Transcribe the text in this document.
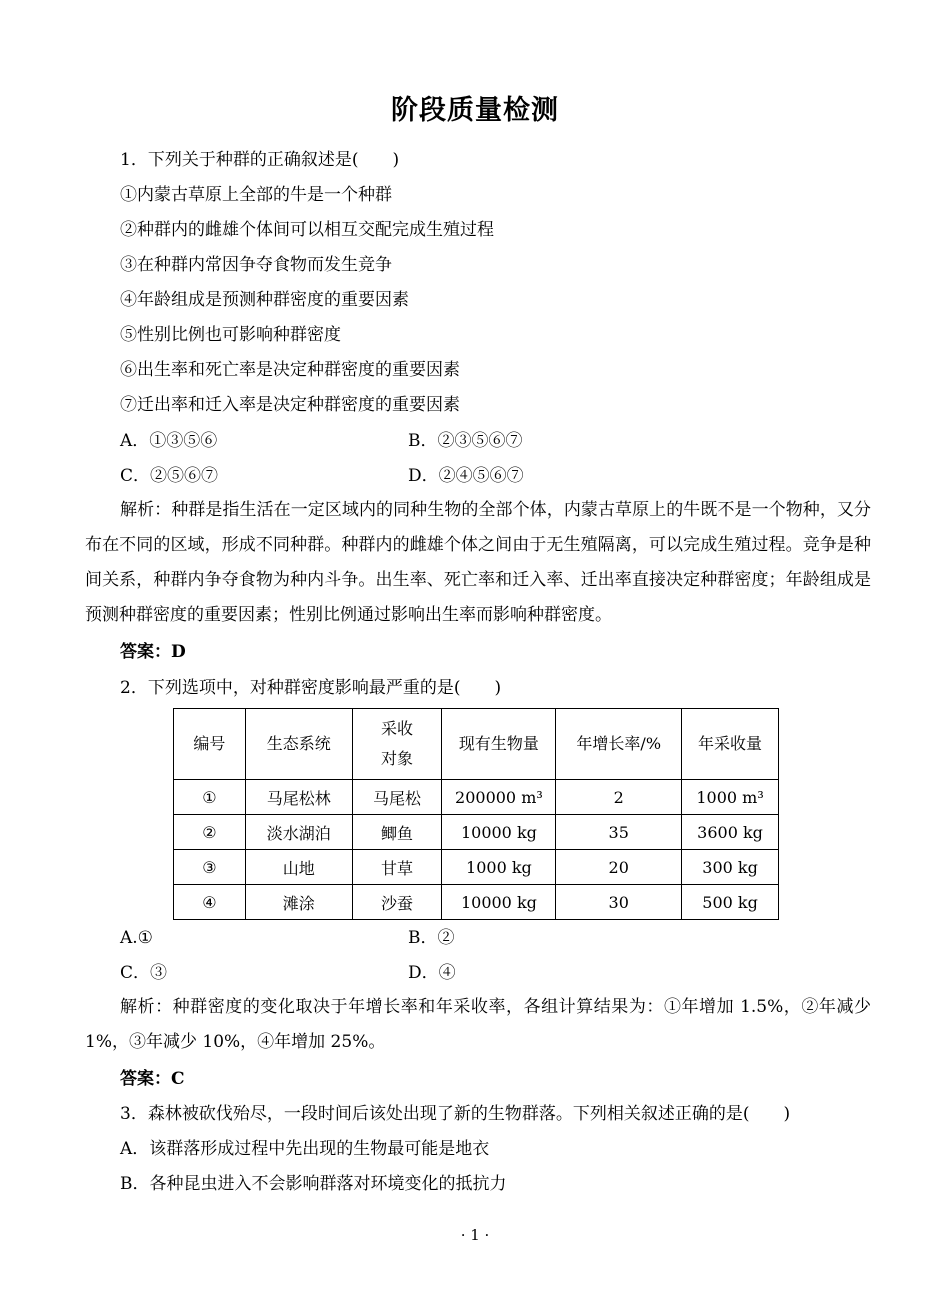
阶段质量检测
1．下列关于种群的正确叙述是(　　)
①内蒙古草原上全部的牛是一个种群
②种群内的雌雄个体间可以相互交配完成生殖过程
③在种群内常因争夺食物而发生竞争
④年龄组成是预测种群密度的重要因素
⑤性别比例也可影响种群密度
⑥出生率和死亡率是决定种群密度的重要因素
⑦迁出率和迁入率是决定种群密度的重要因素
A．①③⑤⑥	B．②③⑤⑥⑦
C．②⑤⑥⑦	D．②④⑤⑥⑦
解析：种群是指生活在一定区域内的同种生物的全部个体，内蒙古草原上的牛既不是一个物种，又分布在不同的区域，形成不同种群。种群内的雌雄个体之间由于无生殖隔离，可以完成生殖过程。竞争是种间关系，种群内争夺食物为种内斗争。出生率、死亡率和迁入率、迁出率直接决定种群密度；年龄组成是预测种群密度的重要因素；性别比例通过影响出生率而影响种群密度。
答案：D
2．下列选项中，对种群密度影响最严重的是(　　)
编号	生态系统	采收对象	现有生物量	年增长率/%	年采收量
①	马尾松林	马尾松	200000 m³	2	1000 m³
②	淡水湖泊	鲫鱼	10000 kg	35	3600 kg
③	山地	甘草	1000 kg	20	300 kg
④	滩涂	沙蚕	10000 kg	30	500 kg
A.①	B．②
C．③	D．④
解析：种群密度的变化取决于年增长率和年采收率，各组计算结果为：①年增加 1.5%，②年减少 1%，③年减少 10%，④年增加 25%。
答案：C
3．森林被砍伐殆尽，一段时间后该处出现了新的生物群落。下列相关叙述正确的是(　　)
A．该群落形成过程中先出现的生物最可能是地衣
B．各种昆虫进入不会影响群落对环境变化的抵抗力
· 1 ·
